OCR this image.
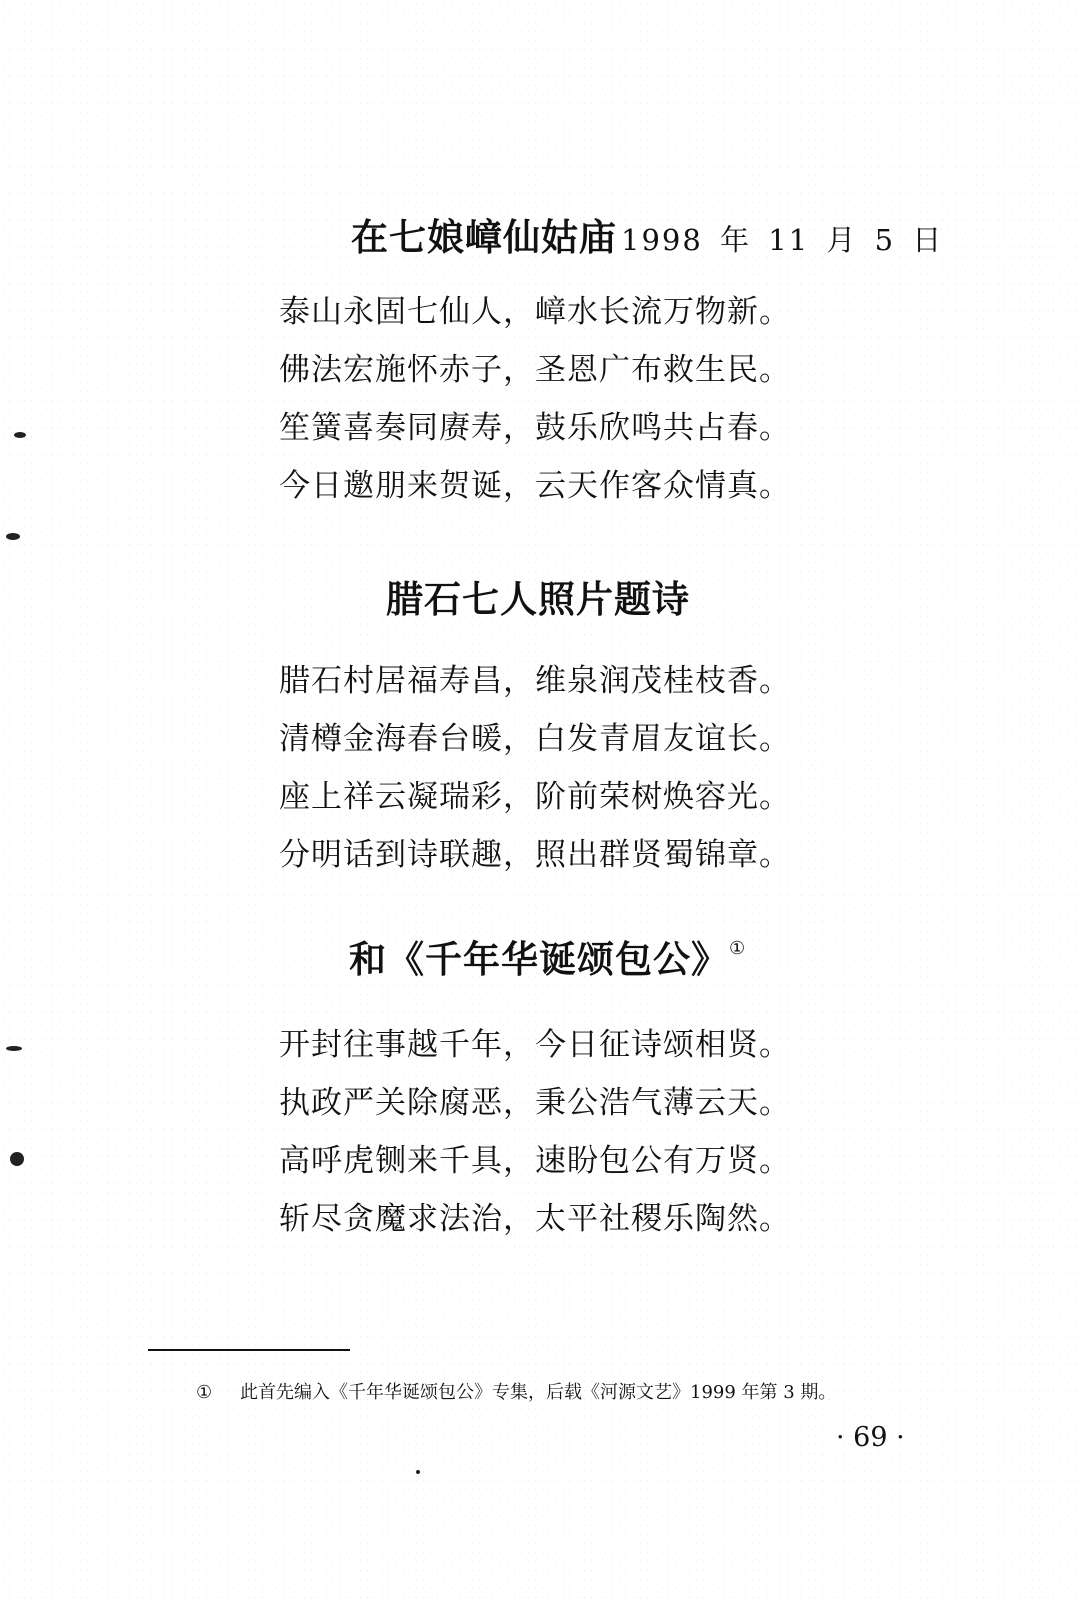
在七娘嶂仙姑庙 1998 年 11 月 5 日
泰山永固七仙人，嶂水长流万物新。
佛法宏施怀赤子，圣恩广布救生民。
笙簧喜奏同赓寿，鼓乐欣鸣共占春。
今日邀朋来贺诞，云天作客众情真。
腊石七人照片题诗
腊石村居福寿昌，维泉润茂桂枝香。
清樽金海春台暖，白发青眉友谊长。
座上祥云凝瑞彩，阶前荣树焕容光。
分明话到诗联趣，照出群贤蜀锦章。
和《千年华诞颂包公》①
开封往事越千年，今日征诗颂相贤。
执政严关除腐恶，秉公浩气薄云天。
高呼虎铡来千具，速盼包公有万贤。
斩尽贪魔求法治，太平社稷乐陶然。
① 此首先编入《千年华诞颂包公》专集，后载《河源文艺》1999 年第 3 期。
· 69 ·
